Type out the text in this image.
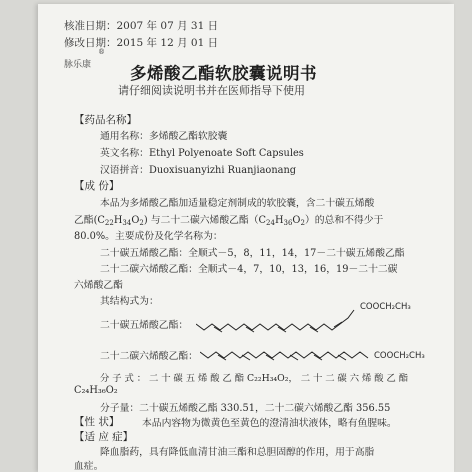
核准日期：2007 年 07 月 31 日
修改日期：2015 年 12 月 01 日
脉乐康
®
多烯酸乙酯软胶囊说明书
请仔细阅读说明书并在医师指导下使用
【药品名称】
通用名称：多烯酸乙酯软胶囊
英文名称：Ethyl Polyenoate Soft Capsules
汉语拼音：Duoxisuanyizhi Ruanjiaonang
【成 份】
本品为多烯酸乙酯加适量稳定剂制成的软胶囊，含二十碳五烯酸
乙酯$(C_{22}H_{34}O_2)$ 与二十二碳六烯酸乙酯$(C_{24}H_{36}O_2)$的总和不得少于
80.0%。主要成份及化学名称为：
二十碳五烯酸乙酯：全顺式－5，8，11，14，17－二十碳五烯酸乙酯
二十二碳六烯酸乙酯：全顺式－4，7，10，13，16，19－二十二碳
六烯酸乙酯
其结构式为：
二十碳五烯酸乙酯：
COOCH₂CH₃
二十二碳六烯酸乙酯：	COOCH₂CH₃
分 子 式 ： 二 十 碳 五 烯 酸 乙 酯 C₂₂H₃₄O₂， 二 十 二 碳 六 烯 酸 乙 酯
C₂₄H₃₆O₂
分子量：二十碳五烯酸乙酯 330.51，二十二碳六烯酸乙酯 356.55
【性 状】 本品内容物为微黄色至黄色的澄清油状液体，略有鱼腥味。
【适 应 症】
降血脂药，具有降低血清甘油三酯和总胆固醇的作用，用于高脂
血症。
